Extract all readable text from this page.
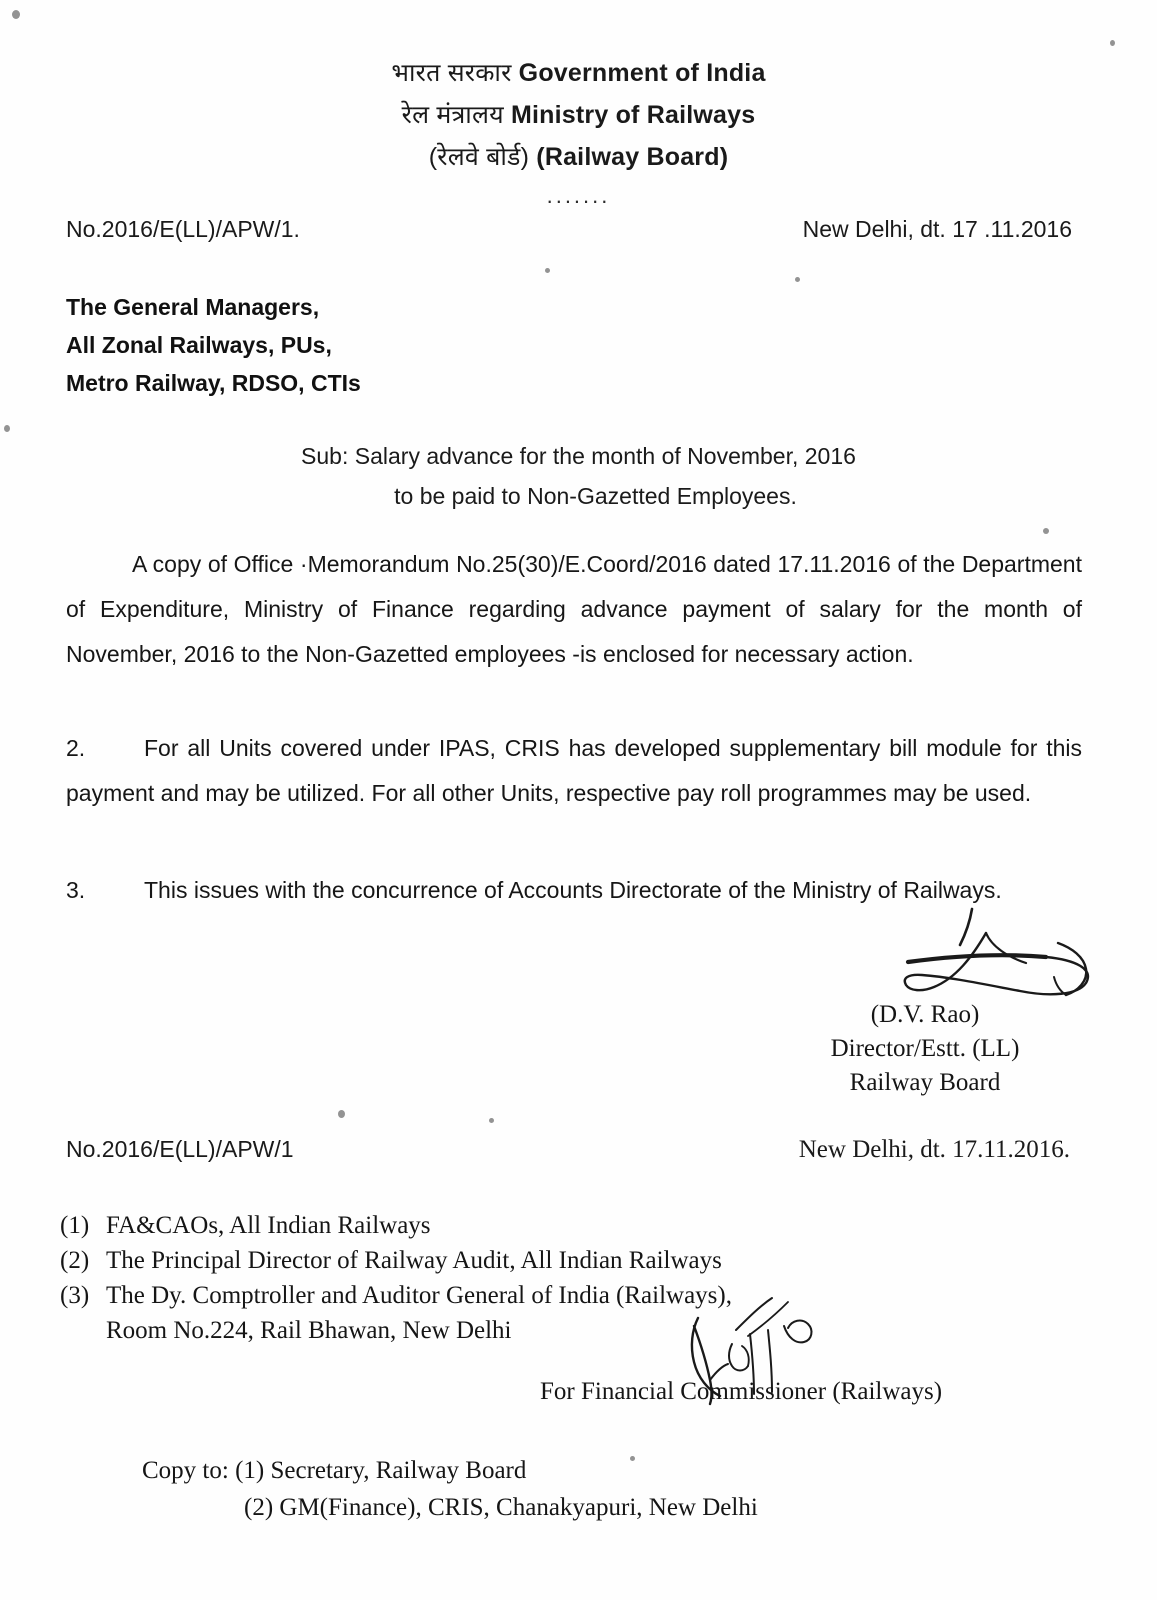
भारत सरकार Government of India
रेल मंत्रालय Ministry of Railways
(रेलवे बोर्ड) (Railway Board)
.......
No.2016/E(LL)/APW/1.	New Delhi, dt. 17 .11.2016
The General Managers,
All Zonal Railways, PUs,
Metro Railway, RDSO, CTIs
Sub: Salary advance for the month of November, 2016
to be paid to Non-Gazetted Employees.
A copy of Office ·Memorandum No.25(30)/E.Coord/2016 dated 17.11.2016 of the Department of Expenditure, Ministry of Finance regarding advance payment of salary for the month of November, 2016 to the Non-Gazetted employees -is enclosed for necessary action.
2.	For all Units covered under IPAS, CRIS has developed supplementary bill module for this payment and may be utilized. For all other Units, respective pay roll programmes may be used.
3.	This issues with the concurrence of Accounts Directorate of the Ministry of Railways.
(D.V. Rao)
Director/Estt. (LL)
Railway Board
No.2016/E(LL)/APW/1	New Delhi, dt. 17.11.2016.
(1) FA&CAOs, All Indian Railways
(2) The Principal Director of Railway Audit, All Indian Railways
(3) The Dy. Comptroller and Auditor General of India (Railways),
Room No.224, Rail Bhawan, New Delhi
For Financial Commissioner (Railways)
Copy to: (1) Secretary, Railway Board
(2) GM(Finance), CRIS, Chanakyapuri, New Delhi
